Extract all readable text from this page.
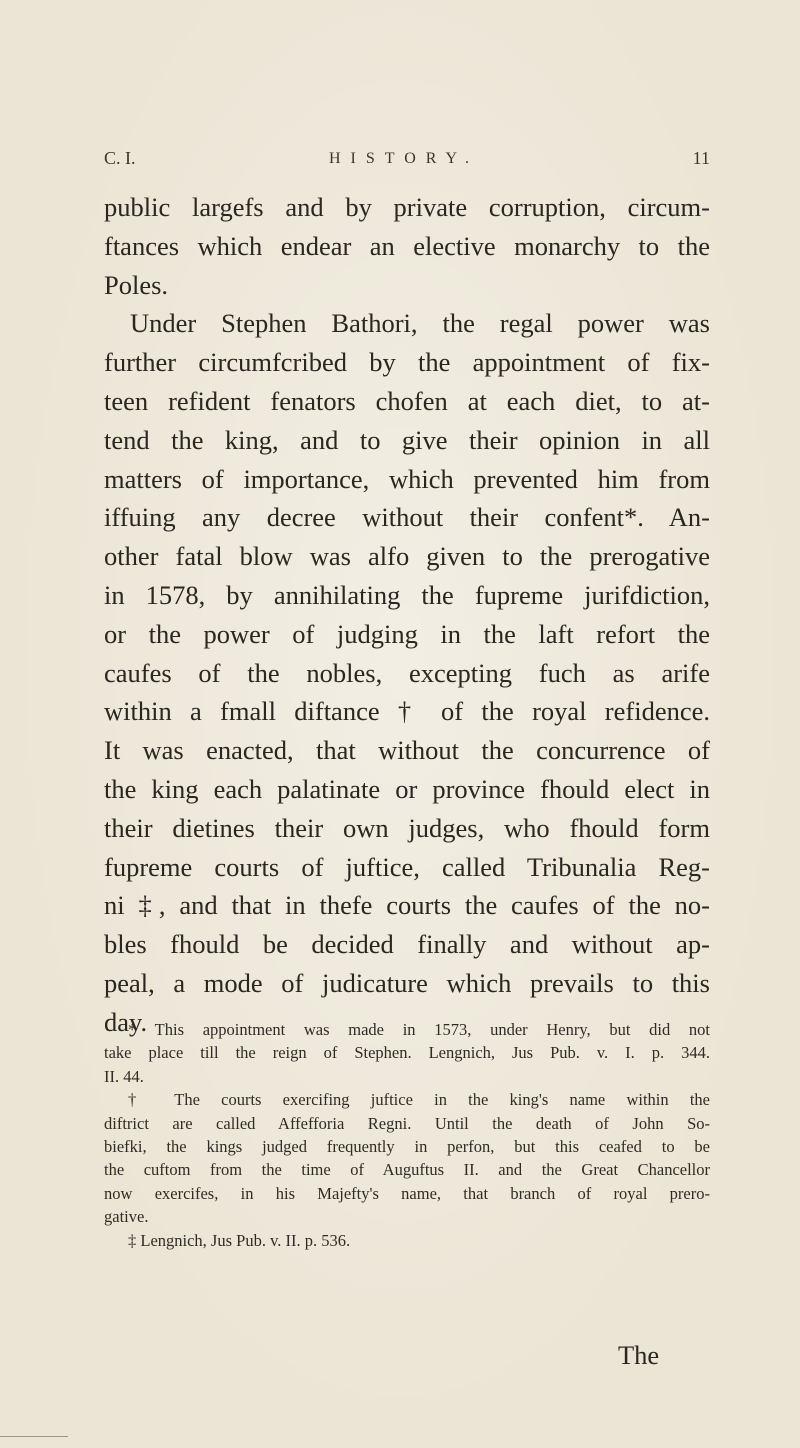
C. I.	HISTORY.	11
public largefs and by private corruption, circum-
ftances which endear an elective monarchy to the
Poles.
Under Stephen Bathori, the regal power was
further circumfcribed by the appointment of fix-
teen refident fenators chofen at each diet, to at-
tend the king, and to give their opinion in all
matters of importance, which prevented him from
iffuing any decree without their confent*. An-
other fatal blow was alfo given to the prerogative
in 1578, by annihilating the fupreme jurifdiction,
or the power of judging in the laft refort the
caufes of the nobles, excepting fuch as arife
within a fmall diftance † of the royal refidence.
It was enacted, that without the concurrence of
the king each palatinate or province fhould elect in
their dietines their own judges, who fhould form
fupreme courts of juftice, called Tribunalia Reg-
ni ‡, and that in thefe courts the caufes of the no-
bles fhould be decided finally and without ap-
peal, a mode of judicature which prevails to this
day.
* This appointment was made in 1573, under Henry, but did not
take place till the reign of Stephen. Lengnich, Jus Pub. v. I. p. 344.
II. 44.
† The courts exercifing juftice in the king's name within the
diftrict are called Affefforia Regni. Until the death of John So-
biefki, the kings judged frequently in perfon, but this ceafed to be
the cuftom from the time of Auguftus II. and the Great Chancellor
now exercifes, in his Majefty's name, that branch of royal prero-
gative.
‡ Lengnich, Jus Pub. v. II. p. 536.
The
